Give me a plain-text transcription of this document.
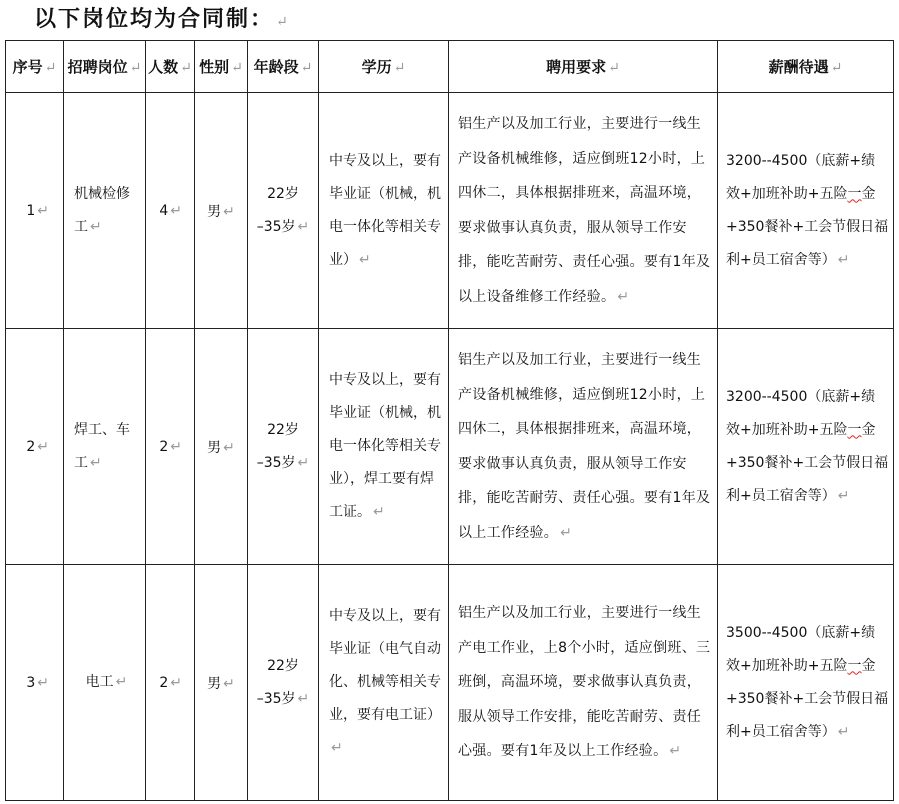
以下岗位均为合同制： ↵
序号 ↵	招聘岗位 ↵	人数 ↵	性别 ↵	年龄段 ↵	学历 ↵	聘用要求 ↵	薪酬待遇 ↵
1 ↵	机械检修工 ↵	4 ↵	男 ↵	22岁
–35岁 ↵	中专及以上，要有毕业证（机械，机电一体化等相关专业） ↵	铝生产以及加工行业，主要进行一线生产设备机械维修，适应倒班12小时，上四休二，具体根据排班来，高温环境，要求做事认真负责，服从领导工作安排，能吃苦耐劳、责任心强。要有1年及以上设备维修工作经验。 ↵	3200--4500（底薪+绩效+加班补助+五险一金+350餐补+工会节假日福利+员工宿舍等） ↵
2 ↵	焊工、车工 ↵	2 ↵	男 ↵	22岁
–35岁 ↵	中专及以上，要有毕业证（机械，机电一体化等相关专业），焊工要有焊工证。 ↵	铝生产以及加工行业，主要进行一线生产设备机械维修，适应倒班12小时，上四休二，具体根据排班来，高温环境，要求做事认真负责，服从领导工作安排，能吃苦耐劳、责任心强。要有1年及以上工作经验。 ↵	3200--4500（底薪+绩效+加班补助+五险一金+350餐补+工会节假日福利+员工宿舍等） ↵
3 ↵	电工 ↵	2 ↵	男 ↵	22岁
–35岁 ↵	中专及以上，要有毕业证（电气自动化、机械等相关专业，要有电工证）↵	铝生产以及加工行业，主要进行一线生产电工作业，上8个小时，适应倒班、三班倒，高温环境，要求做事认真负责，服从领导工作安排，能吃苦耐劳、责任心强。要有1年及以上工作经验。 ↵	3500--4500（底薪+绩效+加班补助+五险一金+350餐补+工会节假日福利+员工宿舍等） ↵
